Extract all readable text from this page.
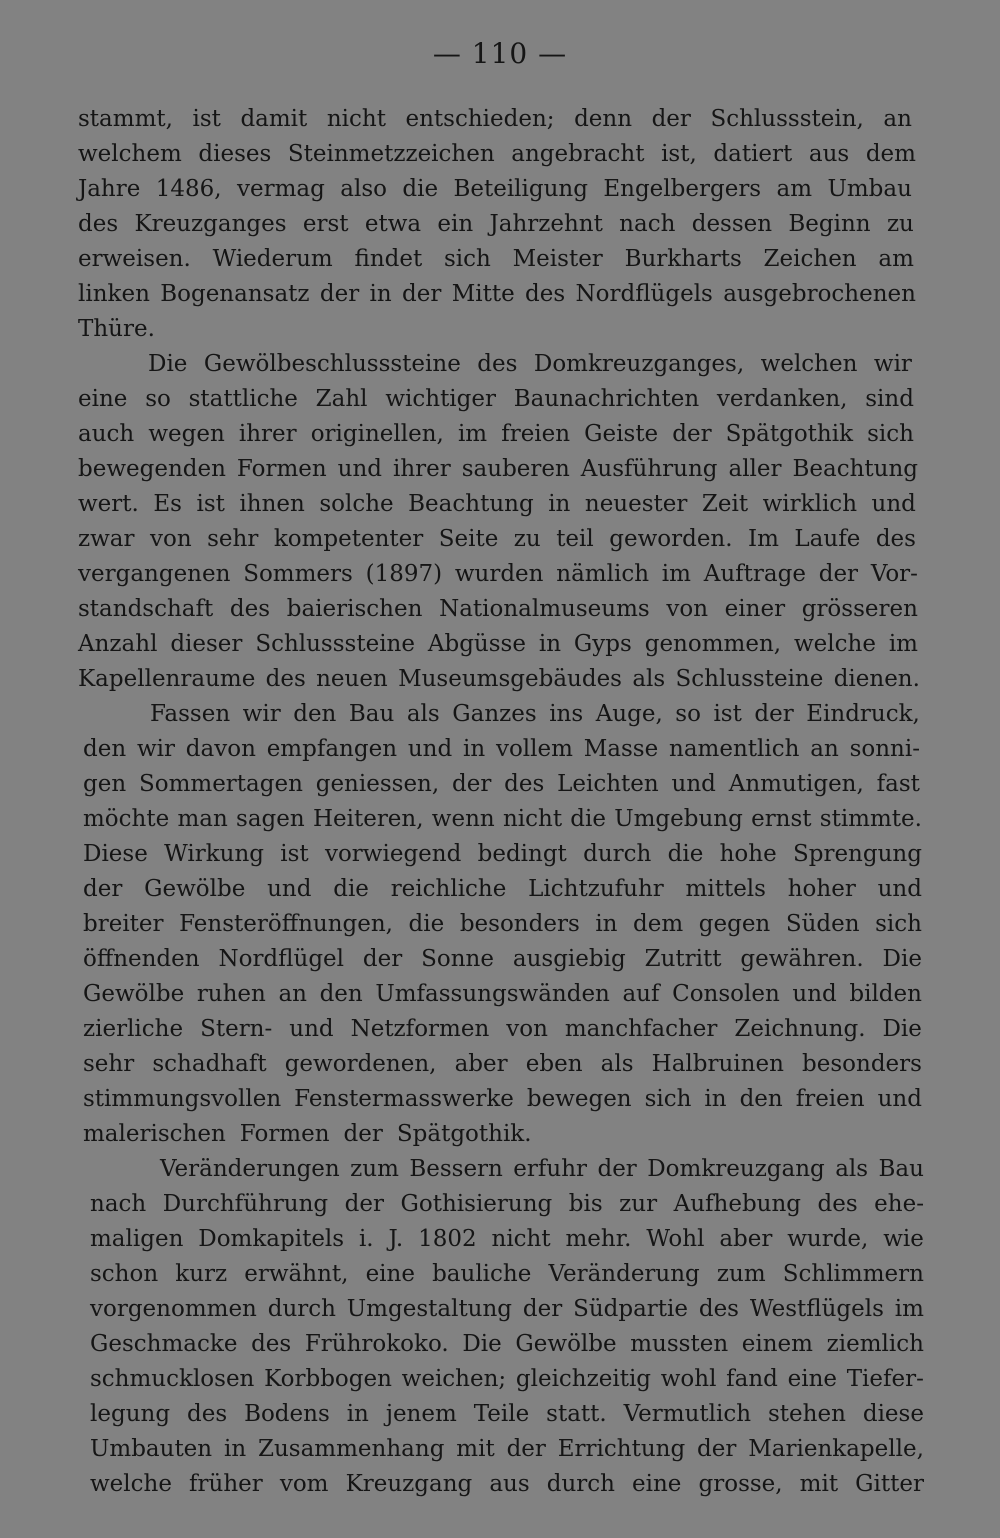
— 110 —
stammt, ist damit nicht entschieden; denn der Schlussstein, an
welchem dieses Steinmetzzeichen angebracht ist, datiert aus dem
Jahre 1486, vermag also die Beteiligung Engelbergers am Umbau
des Kreuzganges erst etwa ein Jahrzehnt nach dessen Beginn zu
erweisen. Wiederum findet sich Meister Burkharts Zeichen am
linken Bogenansatz der in der Mitte des Nordflügels ausgebrochenen
Thüre.
Die Gewölbeschlusssteine des Domkreuzganges, welchen wir
eine so stattliche Zahl wichtiger Baunachrichten verdanken, sind
auch wegen ihrer originellen, im freien Geiste der Spätgothik sich
bewegenden Formen und ihrer sauberen Ausführung aller Beachtung
wert. Es ist ihnen solche Beachtung in neuester Zeit wirklich und
zwar von sehr kompetenter Seite zu teil geworden. Im Laufe des
vergangenen Sommers (1897) wurden nämlich im Auftrage der Vor-
standschaft des baierischen Nationalmuseums von einer grösseren
Anzahl dieser Schlusssteine Abgüsse in Gyps genommen, welche im
Kapellenraume des neuen Museumsgebäudes als Schlussteine dienen.
Fassen wir den Bau als Ganzes ins Auge, so ist der Eindruck,
den wir davon empfangen und in vollem Masse namentlich an sonni-
gen Sommertagen geniessen, der des Leichten und Anmutigen, fast
möchte man sagen Heiteren, wenn nicht die Umgebung ernst stimmte.
Diese Wirkung ist vorwiegend bedingt durch die hohe Sprengung
der Gewölbe und die reichliche Lichtzufuhr mittels hoher und
breiter Fensteröffnungen, die besonders in dem gegen Süden sich
öffnenden Nordflügel der Sonne ausgiebig Zutritt gewähren. Die
Gewölbe ruhen an den Umfassungswänden auf Consolen und bilden
zierliche Stern- und Netzformen von manchfacher Zeichnung. Die
sehr schadhaft gewordenen, aber eben als Halbruinen besonders
stimmungsvollen Fenstermasswerke bewegen sich in den freien und
malerischen Formen der Spätgothik.
Veränderungen zum Bessern erfuhr der Domkreuzgang als Bau
nach Durchführung der Gothisierung bis zur Aufhebung des ehe-
maligen Domkapitels i. J. 1802 nicht mehr. Wohl aber wurde, wie
schon kurz erwähnt, eine bauliche Veränderung zum Schlimmern
vorgenommen durch Umgestaltung der Südpartie des Westflügels im
Geschmacke des Frührokoko. Die Gewölbe mussten einem ziemlich
schmucklosen Korbbogen weichen; gleichzeitig wohl fand eine Tiefer-
legung des Bodens in jenem Teile statt. Vermutlich stehen diese
Umbauten in Zusammenhang mit der Errichtung der Marienkapelle,
welche früher vom Kreuzgang aus durch eine grosse, mit Gitter
